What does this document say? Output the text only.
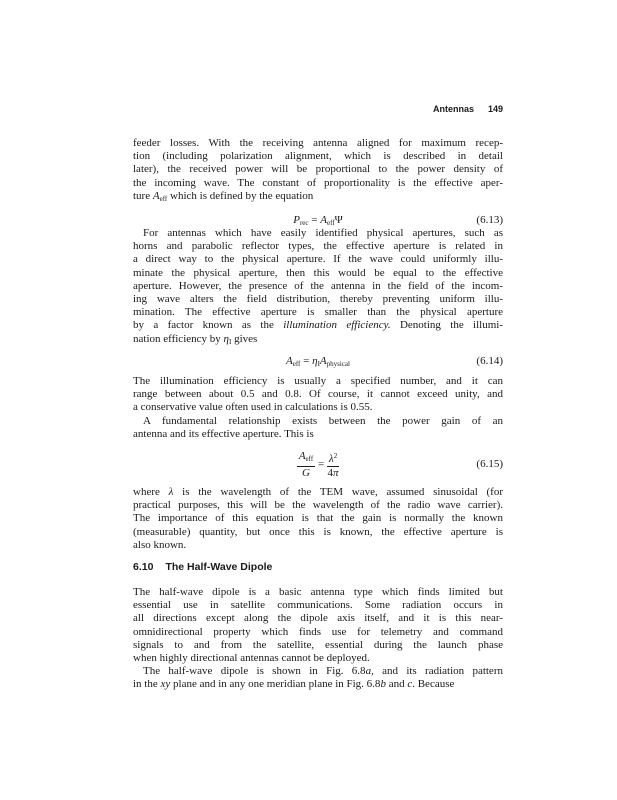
Antennas 149
feeder losses. With the receiving antenna aligned for maximum recep-
tion (including polarization alignment, which is described in detail
later), the received power will be proportional to the power density of
the incoming wave. The constant of proportionality is the effective aper-
ture $A_{eff}$ which is defined by the equation
$P_{rec} = A_{eff}\Psi$	(6.13)
For antennas which have easily identified physical apertures, such as
horns and parabolic reflector types, the effective aperture is related in
a direct way to the physical aperture. If the wave could uniformly illu-
minate the physical aperture, then this would be equal to the effective
aperture. However, the presence of the antenna in the field of the incom-
ing wave alters the field distribution, thereby preventing uniform illu-
mination. The effective aperture is smaller than the physical aperture
by a factor known as the illumination efficiency. Denoting the illumi-
nation efficiency by $\eta_I$ gives
$A_{eff} = \eta_IA_{physical}$	(6.14)
The illumination efficiency is usually a specified number, and it can
range between about 0.5 and 0.8. Of course, it cannot exceed unity, and
a conservative value often used in calculations is 0.55.
A fundamental relationship exists between the power gain of an
antenna and its effective aperture. This is
$\frac{A_{eff}}{G} = \frac{\lambda^2}{4\pi}$	(6.15)
where λ is the wavelength of the TEM wave, assumed sinusoidal (for
practical purposes, this will be the wavelength of the radio wave carrier).
The importance of this equation is that the gain is normally the known
(measurable) quantity, but once this is known, the effective aperture is
also known.
6.10 The Half-Wave Dipole
The half-wave dipole is a basic antenna type which finds limited but
essential use in satellite communications. Some radiation occurs in
all directions except along the dipole axis itself, and it is this near-
omnidirectional property which finds use for telemetry and command
signals to and from the satellite, essential during the launch phase
when highly directional antennas cannot be deployed.
The half-wave dipole is shown in Fig. 6.8a, and its radiation pattern
in the xy plane and in any one meridian plane in Fig. 6.8b and c. Because
